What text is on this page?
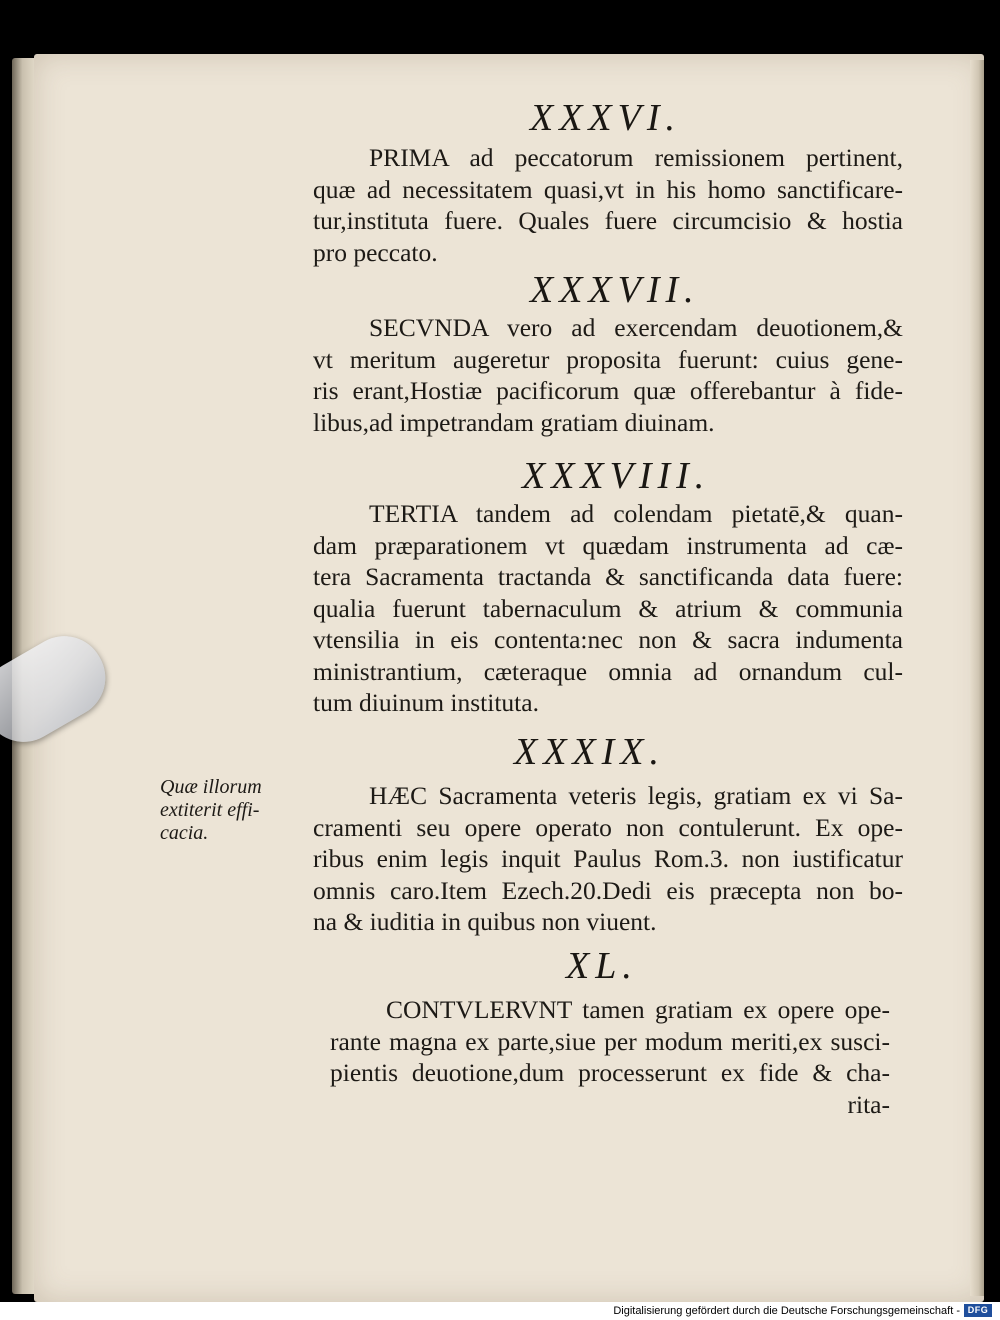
XXXVI.
PRIMA ad peccatorum remissionem pertinent,
quæ ad necessitatem quasi,vt in his homo sanctificare-
tur,instituta fuere. Quales fuere circumcisio & hostia
pro peccato.
XXXVII.
SECVNDA vero ad exercendam deuotionem,&
vt meritum augeretur proposita fuerunt: cuius gene-
ris erant,Hostiæ pacificorum quæ offerebantur à fide-
libus,ad impetrandam gratiam diuinam.
XXXVIII.
TERTIA tandem ad colendam pietatē,& quan-
dam præparationem vt quædam instrumenta ad cæ-
tera Sacramenta tractanda & sanctificanda data fuere:
qualia fuerunt tabernaculum & atrium & communia
vtensilia in eis contenta:nec non & sacra indumenta
ministrantium, cæteraque omnia ad ornandum cul-
tum diuinum instituta.
XXXIX.
Quæ illorum
extiterit effi-
cacia.
HÆC Sacramenta veteris legis, gratiam ex vi Sa-
cramenti seu opere operato non contulerunt. Ex ope-
ribus enim legis inquit Paulus Rom.3. non iustificatur
omnis caro.Item Ezech.20.Dedi eis præcepta non bo-
na & iuditia in quibus non viuent.
XL.
CONTVLERVNT tamen gratiam ex opere ope-
rante magna ex parte,siue per modum meriti,ex susci-
pientis deuotione,dum processerunt ex fide & cha-
rita-
Digitalisierung gefördert durch die Deutsche Forschungsgemeinschaft - DFG
